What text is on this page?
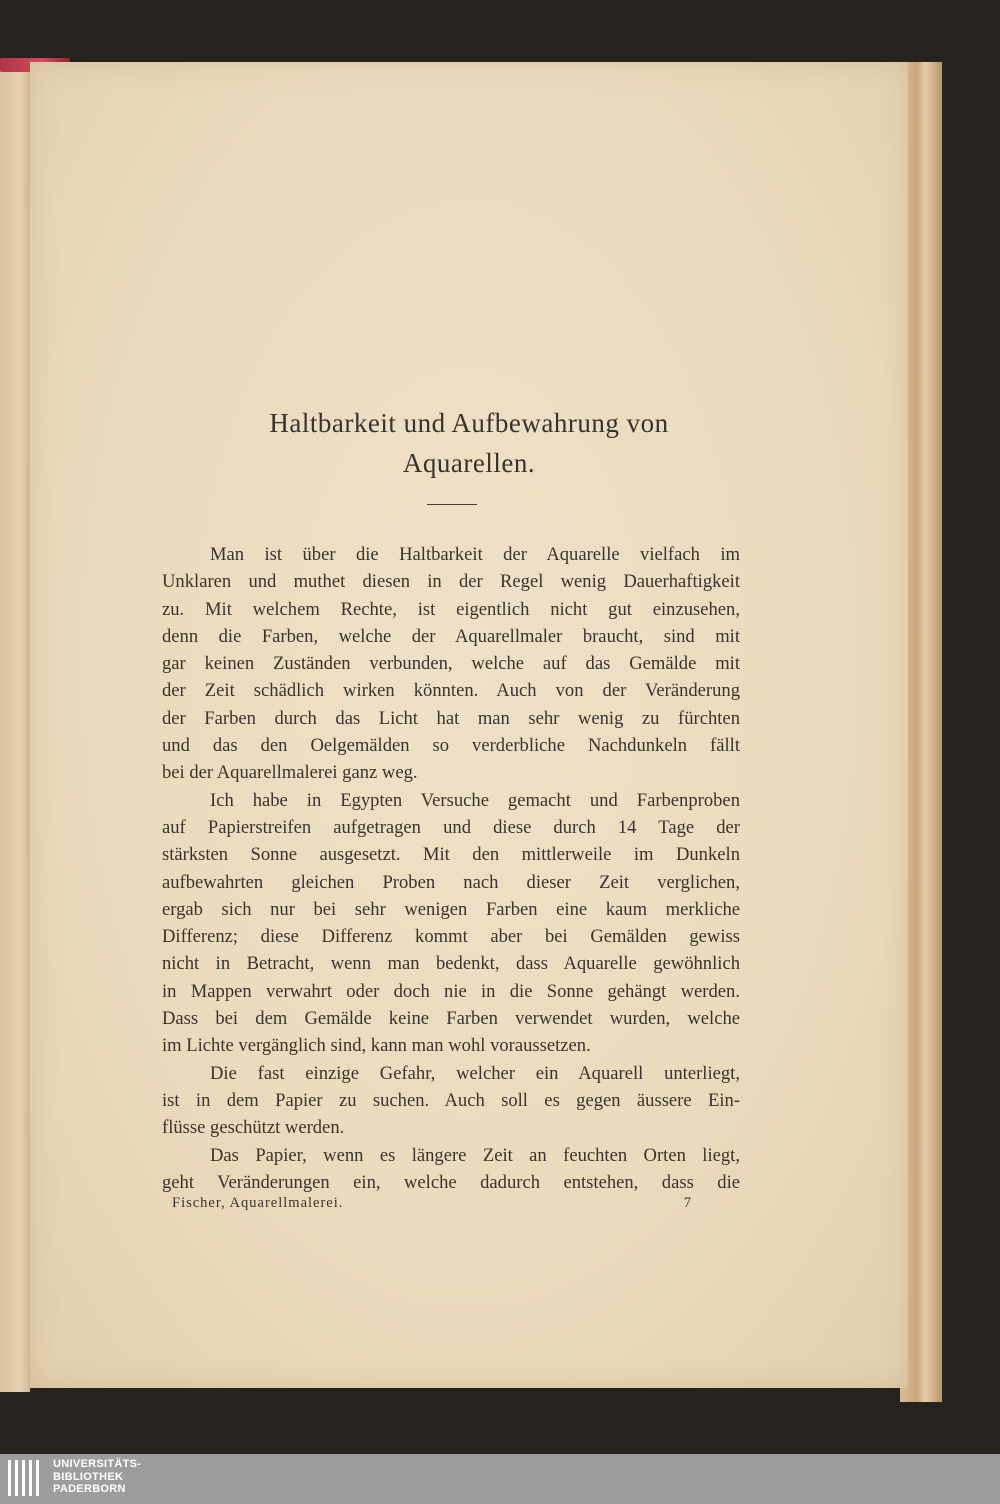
Haltbarkeit und Aufbewahrung von
Aquarellen.

Man ist über die Haltbarkeit der Aquarelle vielfach im

Unklaren und muthet diesen in der Regel wenig Dauerhaftigkeit

zu. Mit welchem Rechte, ist eigentlich nicht gut einzusehen,

denn die Farben, welche der Aquarellmaler braucht, sind mit

gar keinen Zuständen verbunden, welche auf das Gemälde mit

der Zeit schädlich wirken könnten. Auch von der Veränderung

der Farben durch das Licht hat man sehr wenig zu fürchten

und das den Oelgemälden so verderbliche Nachdunkeln fällt

bei der Aquarellmalerei ganz weg.

Ich habe in Egypten Versuche gemacht und Farbenproben

auf Papierstreifen aufgetragen und diese durch 14 Tage der

stärksten Sonne ausgesetzt. Mit den mittlerweile im Dunkeln

aufbewahrten gleichen Proben nach dieser Zeit verglichen,

ergab sich nur bei sehr wenigen Farben eine kaum merkliche

Differenz; diese Differenz kommt aber bei Gemälden gewiss

nicht in Betracht, wenn man bedenkt, dass Aquarelle gewöhnlich

in Mappen verwahrt oder doch nie in die Sonne gehängt werden.

Dass bei dem Gemälde keine Farben verwendet wurden, welche

im Lichte vergänglich sind, kann man wohl voraussetzen.

Die fast einzige Gefahr, welcher ein Aquarell unterliegt,

ist in dem Papier zu suchen. Auch soll es gegen äussere Ein-

flüsse geschützt werden.

Das Papier, wenn es längere Zeit an feuchten Orten liegt,

geht Veränderungen ein, welche dadurch entstehen, dass die

Fischer, Aquarellmalerei.	7
UNIVERSITÄTS-
BIBLIOTHEK
PADERBORN
